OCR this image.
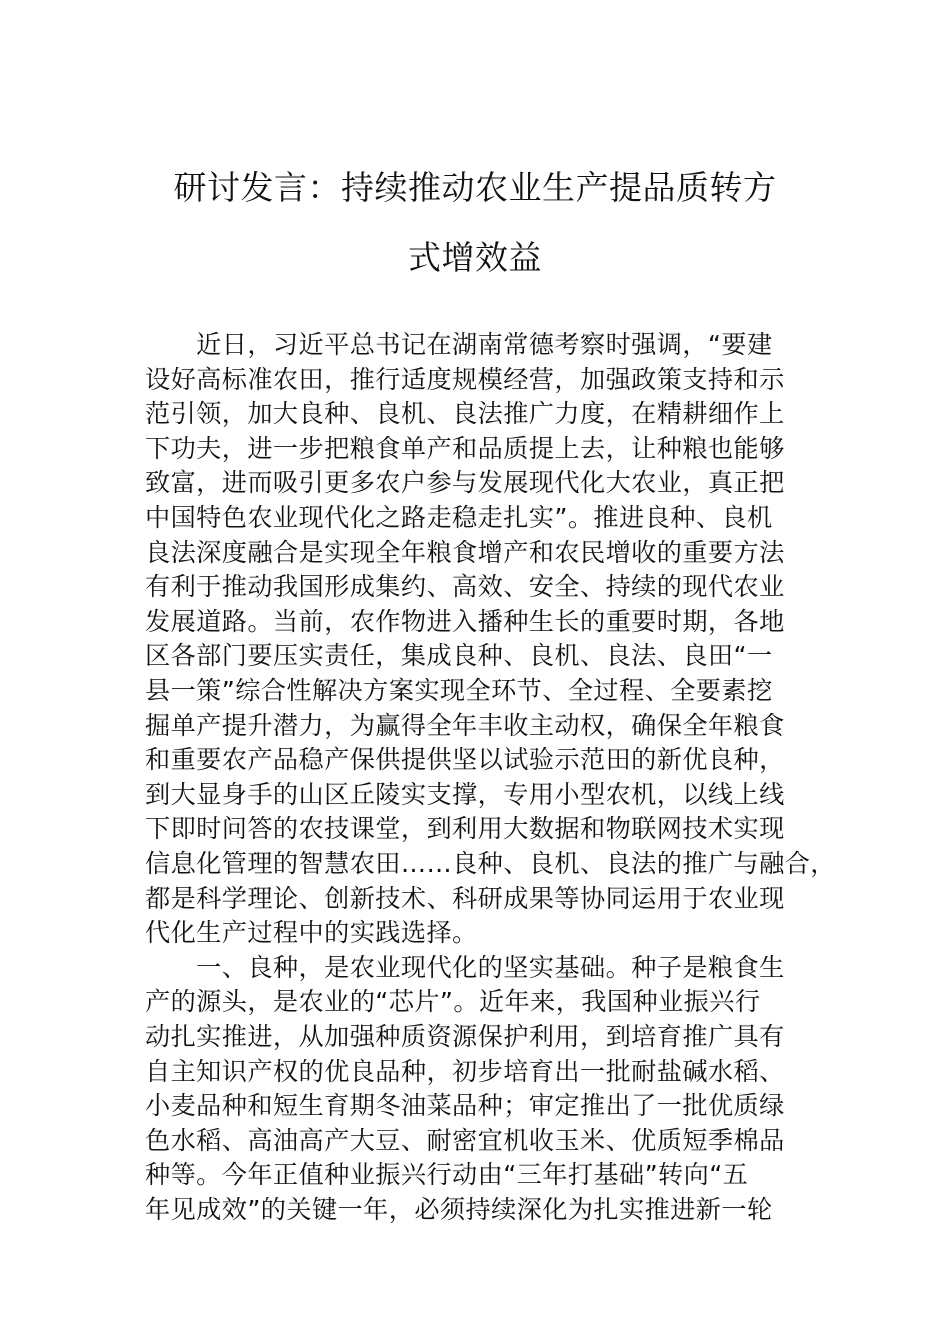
研讨发言：持续推动农业生产提品质转方
式增效益
　　近日，习近平总书记在湖南常德考察时强调，“要建
设好高标准农田，推行适度规模经营，加强政策支持和示
范引领，加大良种、良机、良法推广力度，在精耕细作上
下功夫，进一步把粮食单产和品质提上去，让种粮也能够
致富，进而吸引更多农户参与发展现代化大农业，真正把
中国特色农业现代化之路走稳走扎实”。推进良种、良机
良法深度融合是实现全年粮食增产和农民增收的重要方法
有利于推动我国形成集约、高效、安全、持续的现代农业
发展道路。当前，农作物进入播种生长的重要时期，各地
区各部门要压实责任，集成良种、良机、良法、良田“一
县一策”综合性解决方案实现全环节、全过程、全要素挖
掘单产提升潜力，为赢得全年丰收主动权，确保全年粮食
和重要农产品稳产保供提供坚以试验示范田的新优良种，
到大显身手的山区丘陵实支撑，专用小型农机，以线上线
下即时问答的农技课堂，到利用大数据和物联网技术实现
信息化管理的智慧农田……良种、良机、良法的推广与融合，
都是科学理论、创新技术、科研成果等协同运用于农业现
代化生产过程中的实践选择。
　　一、良种，是农业现代化的坚实基础。种子是粮食生
产的源头，是农业的“芯片”。近年来，我国种业振兴行
动扎实推进，从加强种质资源保护利用，到培育推广具有
自主知识产权的优良品种，初步培育出一批耐盐碱水稻、
小麦品种和短生育期冬油菜品种；审定推出了一批优质绿
色水稻、高油高产大豆、耐密宜机收玉米、优质短季棉品
种等。今年正值种业振兴行动由“三年打基础”转向“五
年见成效”的关键一年，必须持续深化为扎实推进新一轮
